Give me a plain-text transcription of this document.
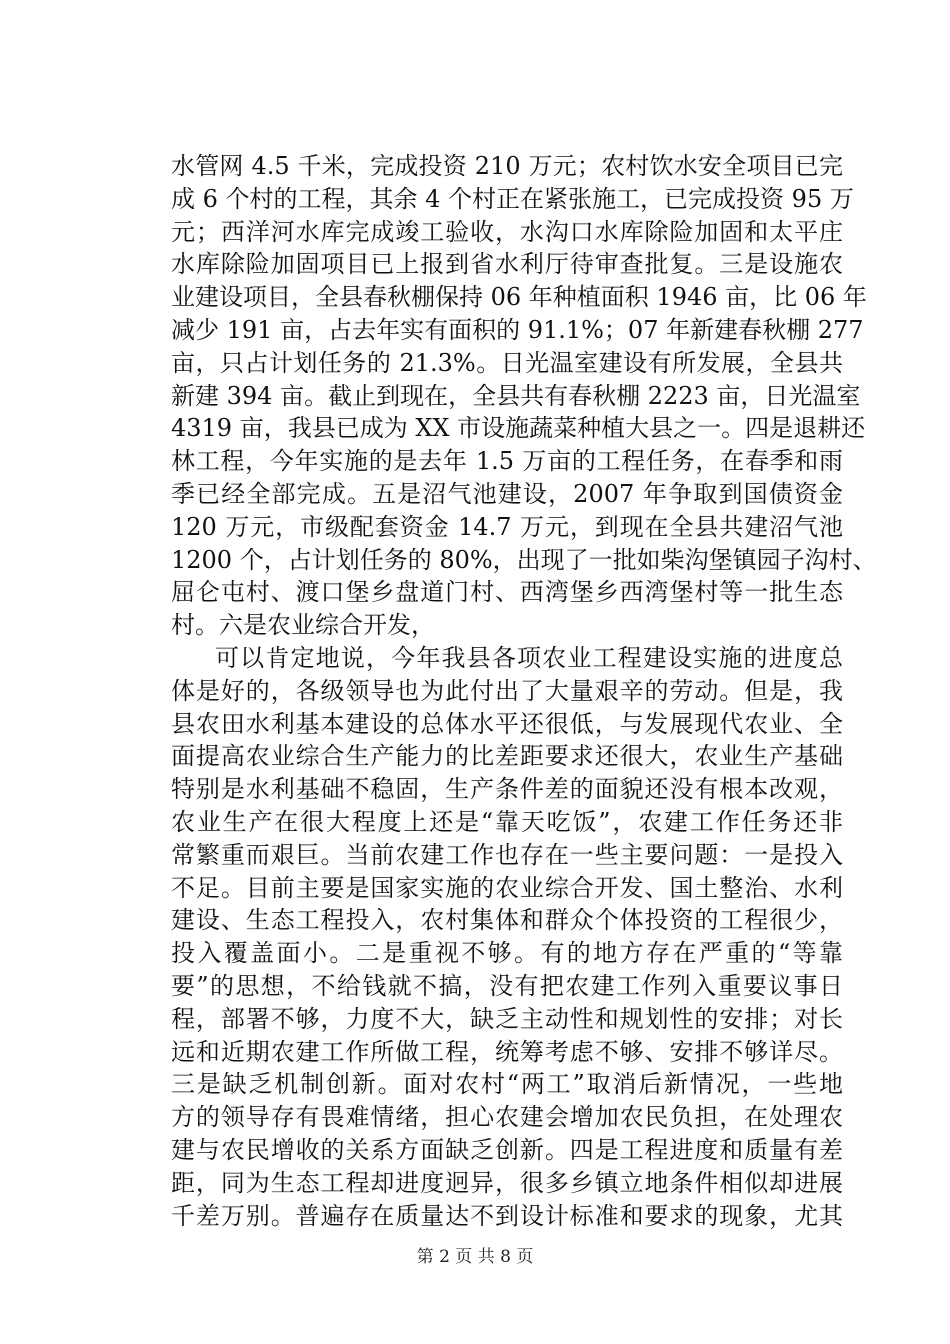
水管网 4.5 千米，完成投资 210 万元；农村饮水安全项目已完
成 6 个村的工程，其余 4 个村正在紧张施工，已完成投资 95 万
元；西洋河水库完成竣工验收，水沟口水库除险加固和太平庄
水库除险加固项目已上报到省水利厅待审查批复。三是设施农
业建设项目，全县春秋棚保持 06 年种植面积 1946 亩，比 06 年
减少 191 亩，占去年实有面积的 91.1%；07 年新建春秋棚 277
亩，只占计划任务的 21.3%。日光温室建设有所发展，全县共
新建 394 亩。截止到现在，全县共有春秋棚 2223 亩，日光温室
4319 亩，我县已成为 XX 市设施蔬菜种植大县之一。四是退耕还
林工程，今年实施的是去年 1.5 万亩的工程任务，在春季和雨
季已经全部完成。五是沼气池建设，2007 年争取到国债资金
120 万元，市级配套资金 14.7 万元，到现在全县共建沼气池
1200 个，占计划任务的 80%，出现了一批如柴沟堡镇园子沟村、
屈仑屯村、渡口堡乡盘道门村、西湾堡乡西湾堡村等一批生态
村。六是农业综合开发，
可以肯定地说，今年我县各项农业工程建设实施的进度总
体是好的，各级领导也为此付出了大量艰辛的劳动。但是，我
县农田水利基本建设的总体水平还很低，与发展现代农业、全
面提高农业综合生产能力的比差距要求还很大，农业生产基础
特别是水利基础不稳固，生产条件差的面貌还没有根本改观，
农业生产在很大程度上还是“靠天吃饭”，农建工作任务还非
常繁重而艰巨。当前农建工作也存在一些主要问题：一是投入
不足。目前主要是国家实施的农业综合开发、国土整治、水利
建设、生态工程投入，农村集体和群众个体投资的工程很少，
投入覆盖面小。二是重视不够。有的地方存在严重的“等靠
要”的思想，不给钱就不搞，没有把农建工作列入重要议事日
程，部署不够，力度不大，缺乏主动性和规划性的安排；对长
远和近期农建工作所做工程，统筹考虑不够、安排不够详尽。
三是缺乏机制创新。面对农村“两工”取消后新情况，一些地
方的领导存有畏难情绪，担心农建会增加农民负担，在处理农
建与农民增收的关系方面缺乏创新。四是工程进度和质量有差
距，同为生态工程却进度迥异，很多乡镇立地条件相似却进展
千差万别。普遍存在质量达不到设计标准和要求的现象，尤其
第 2 页 共 8 页
